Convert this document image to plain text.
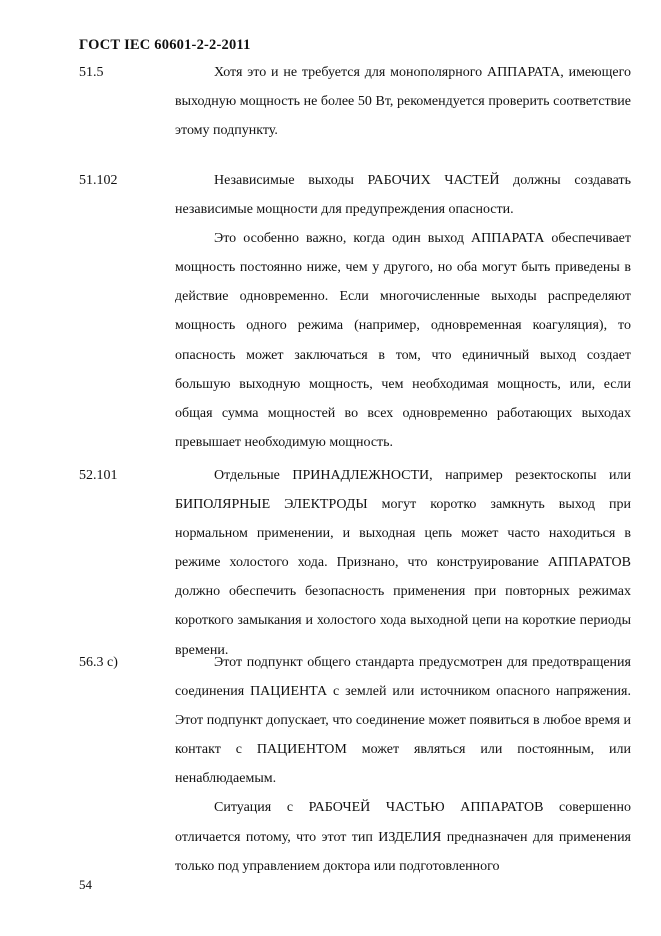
ГОСТ IEC 60601-2-2-2011
51.5	Хотя это и не требуется для монополярного АППАРАТА, имеющего выходную мощность не более 50 Вт, рекомендуется проверить соответствие этому подпункту.

51.102	Независимые выходы РАБОЧИХ ЧАСТЕЙ должны создавать независимые мощности для предупреждения опасности.

Это особенно важно, когда один выход АППАРАТА обеспечивает мощность постоянно ниже, чем у другого, но оба могут быть приведены в действие одновременно. Если многочисленные выходы распределяют мощность одного режима (например, одновременная коагуляция), то опасность может заключаться в том, что единичный выход создает большую выходную мощность, чем необходимая мощность, или, если общая сумма мощностей во всех одновременно работающих выходах превышает необходимую мощность.

52.101	Отдельные ПРИНАДЛЕЖНОСТИ, например резектоскопы или БИПОЛЯРНЫЕ ЭЛЕКТРОДЫ могут коротко замкнуть выход при нормальном применении, и выходная цепь может часто находиться в режиме холостого хода. Признано, что конструирование АППАРАТОВ должно обеспечить безопасность применения при повторных режимах короткого замыкания и холостого хода выходной цепи на короткие периоды времени.

56.3 c)	Этот подпункт общего стандарта предусмотрен для предотвращения соединения ПАЦИЕНТА с землей или источником опасного напряжения. Этот подпункт допускает, что соединение может появиться в любое время и контакт с ПАЦИЕНТОМ может являться или постоянным, или ненаблюдаемым.

Ситуация с РАБОЧЕЙ ЧАСТЬЮ АППАРАТОВ совершенно отличается потому, что этот тип ИЗДЕЛИЯ предназначен для применения только под управлением доктора или подготовленного

54
